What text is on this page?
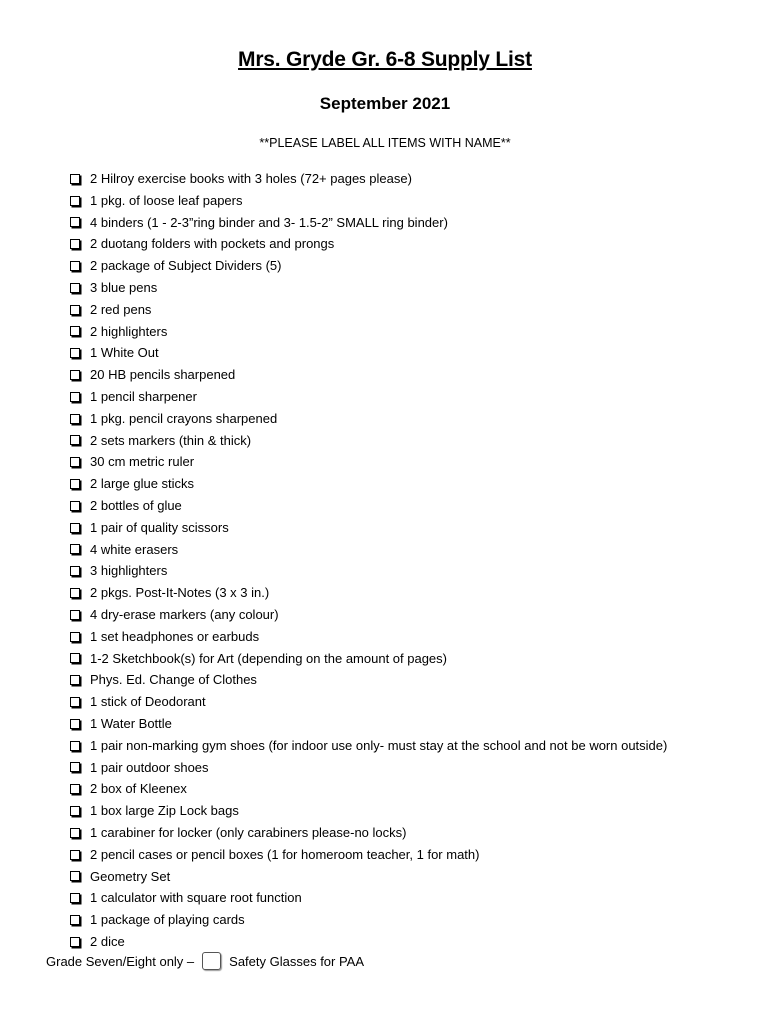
Mrs. Gryde Gr. 6-8 Supply List
September 2021
**PLEASE LABEL ALL ITEMS WITH NAME**
2 Hilroy exercise books with 3 holes (72+ pages please)
1 pkg. of loose leaf papers
4 binders (1 - 2-3”ring binder and 3- 1.5-2” SMALL ring binder)
2 duotang folders with pockets and prongs
2 package of Subject Dividers (5)
3 blue pens
2 red pens
2 highlighters
1 White Out
20 HB pencils sharpened
1 pencil sharpener
1 pkg. pencil crayons sharpened
2 sets markers (thin & thick)
30 cm metric ruler
2 large glue sticks
2 bottles of glue
1 pair of quality scissors
4 white erasers
3 highlighters
2 pkgs. Post-It-Notes (3 x 3 in.)
4 dry-erase markers (any colour)
1 set headphones or earbuds
1-2 Sketchbook(s) for Art (depending on the amount of pages)
Phys. Ed. Change of Clothes
1 stick of Deodorant
1 Water Bottle
1 pair non-marking gym shoes (for indoor use only- must stay at the school and not be worn outside)
1 pair outdoor shoes
2 box of Kleenex
1 box large Zip Lock bags
1 carabiner for locker (only carabiners please-no locks)
2 pencil cases or pencil boxes (1 for homeroom teacher, 1 for math)
Geometry Set
1 calculator with square root function
1 package of playing cards
2 dice
Grade Seven/Eight only –	Safety Glasses for PAA
